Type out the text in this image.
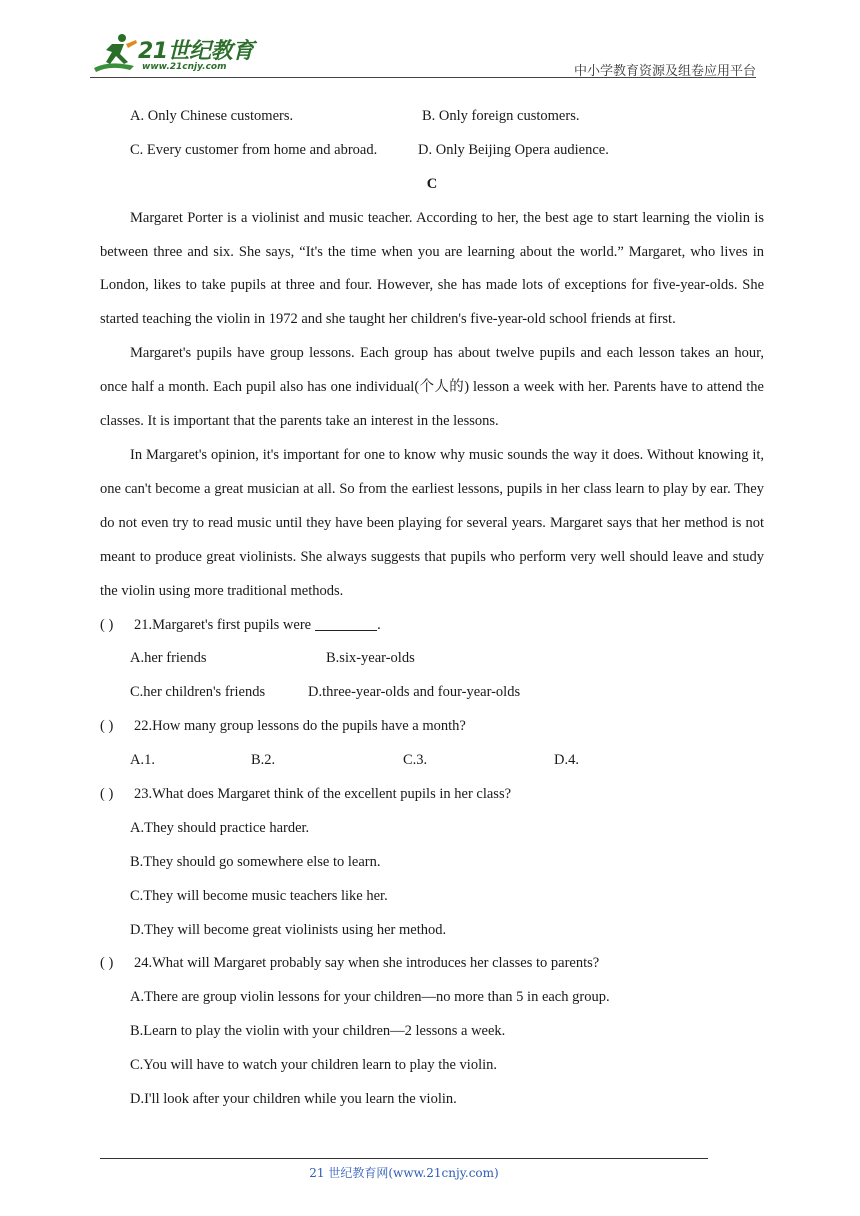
21世纪教育
www.21cnjy.com	中小学教育资源及组卷应用平台
A. Only Chinese customers.	B. Only foreign customers.
C. Every customer from home and abroad.	D. Only Beijing Opera audience.
C
Margaret Porter is a violinist and music teacher. According to her, the best age to start learning the violin is between three and six. She says, “It's the time when you are learning about the world.” Margaret, who lives in London, likes to take pupils at three and four. However, she has made lots of exceptions for five-year-olds. She started teaching the violin in 1972 and she taught her children's five-year-old school friends at first.
Margaret's pupils have group lessons. Each group has about twelve pupils and each lesson takes an hour, once half a month. Each pupil also has one individual(个人的) lesson a week with her. Parents have to attend the classes. It is important that the parents take an interest in the lessons.
In Margaret's opinion, it's important for one to know why music sounds the way it does. Without knowing it, one can't become a great musician at all. So from the earliest lessons, pupils in her class learn to play by ear. They do not even try to read music until they have been playing for several years. Margaret says that her method is not meant to produce great violinists. She always suggests that pupils who perform very well should leave and study the violin using more traditional methods.
( ) 21.Margaret's first pupils were	.
A.her friends	B.six-year-olds
C.her children's friends	D.three-year-olds and four-year-olds
( ) 22.How many group lessons do the pupils have a month?
A.1.	B.2.	C.3.	D.4.
( ) 23.What does Margaret think of the excellent pupils in her class?
A.They should practice harder.
B.They should go somewhere else to learn.
C.They will become music teachers like her.
D.They will become great violinists using her method.
( ) 24.What will Margaret probably say when she introduces her classes to parents?
A.There are group violin lessons for your children—no more than 5 in each group.
B.Learn to play the violin with your children—2 lessons a week.
C.You will have to watch your children learn to play the violin.
D.I'll look after your children while you learn the violin.
21 世纪教育网(www.21cnjy.com)
